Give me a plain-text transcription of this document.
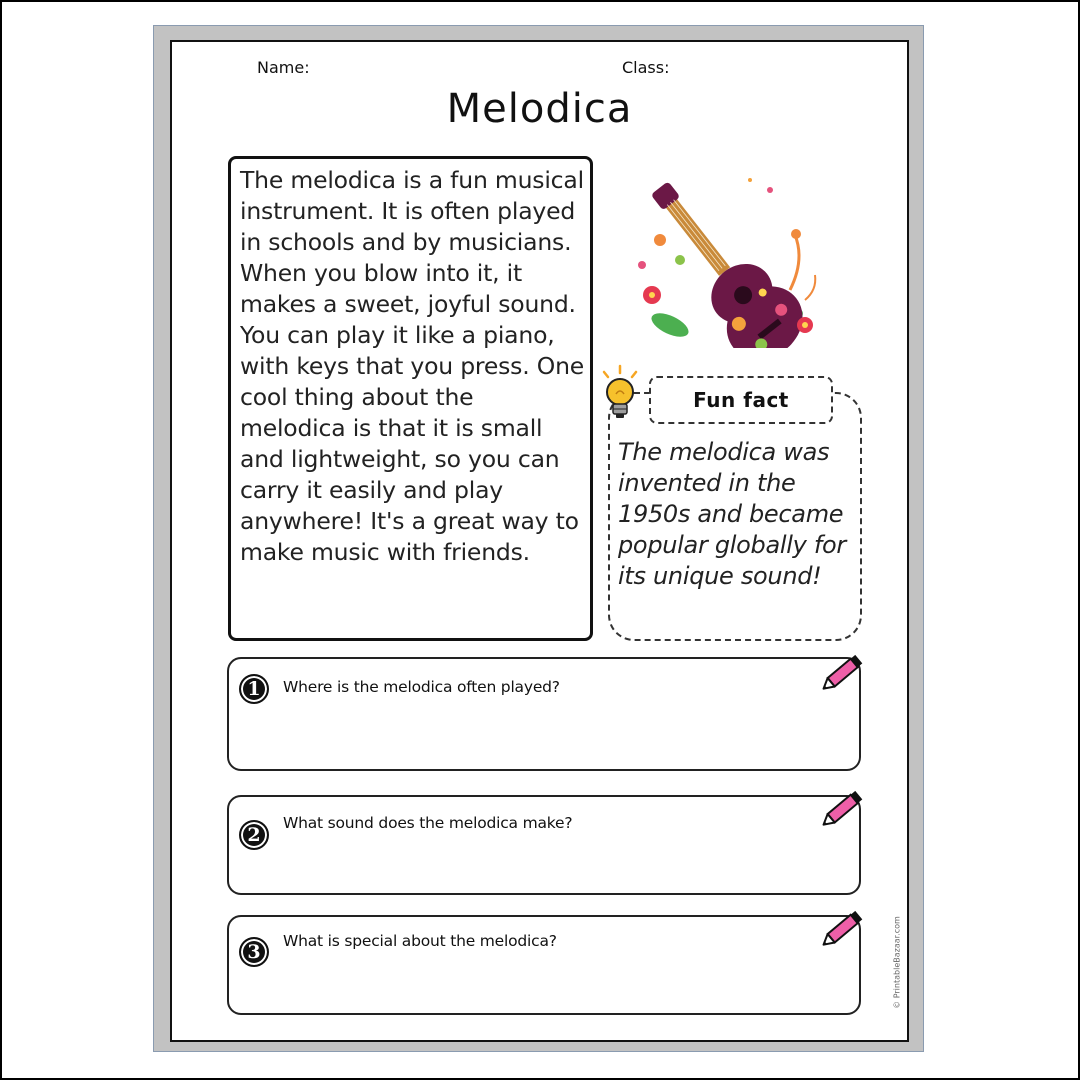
Name:	Class:
Melodica

The melodica is a fun musical instrument. It is often played in schools and by musicians. When you blow into it, it makes a sweet, joyful sound. You can play it like a piano, with keys that you press. One cool thing about the melodica is that it is small and lightweight, so you can carry it easily and play anywhere! It's a great way to make music with friends.

Fun fact

The melodica was invented in the 1950s and became popular globally for its unique sound!

1	Where is the melodica often played?
2
What sound does the melodica make?
3	What is special about the melodica?	© PrintableBazaar.com
